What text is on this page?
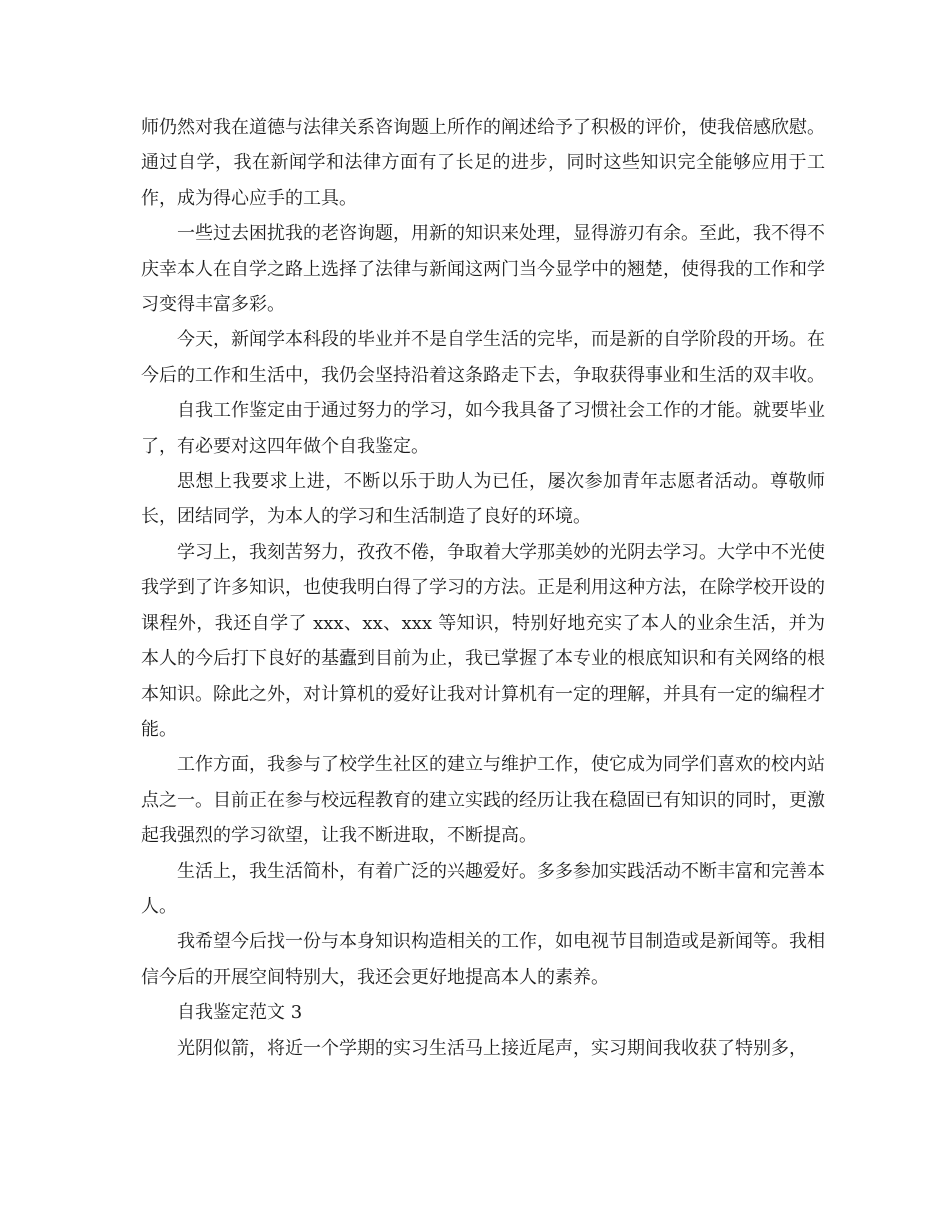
师仍然对我在道德与法律关系咨询题上所作的阐述给予了积极的评价，使我倍感欣慰。通过自学，我在新闻学和法律方面有了长足的进步，同时这些知识完全能够应用于工作，成为得心应手的工具。

一些过去困扰我的老咨询题，用新的知识来处理，显得游刃有余。至此，我不得不庆幸本人在自学之路上选择了法律与新闻这两门当今显学中的翘楚，使得我的工作和学习变得丰富多彩。

今天，新闻学本科段的毕业并不是自学生活的完毕，而是新的自学阶段的开场。在今后的工作和生活中，我仍会坚持沿着这条路走下去，争取获得事业和生活的双丰收。

自我工作鉴定由于通过努力的学习，如今我具备了习惯社会工作的才能。就要毕业了，有必要对这四年做个自我鉴定。

思想上我要求上进，不断以乐于助人为已任，屡次参加青年志愿者活动。尊敬师长，团结同学，为本人的学习和生活制造了良好的环境。

学习上，我刻苦努力，孜孜不倦，争取着大学那美妙的光阴去学习。大学中不光使我学到了许多知识，也使我明白得了学习的方法。正是利用这种方法，在除学校开设的课程外，我还自学了 xxx、xx、xxx 等知识，特别好地充实了本人的业余生活，并为本人的今后打下良好的基蠹到目前为止，我已掌握了本专业的根底知识和有关网络的根本知识。除此之外，对计算机的爱好让我对计算机有一定的理解，并具有一定的编程才能。

工作方面，我参与了校学生社区的建立与维护工作，使它成为同学们喜欢的校内站点之一。目前正在参与校远程教育的建立实践的经历让我在稳固已有知识的同时，更激起我强烈的学习欲望，让我不断进取，不断提高。

生活上，我生活简朴，有着广泛的兴趣爱好。多多参加实践活动不断丰富和完善本人。

我希望今后找一份与本身知识构造相关的工作，如电视节目制造或是新闻等。我相信今后的开展空间特别大，我还会更好地提高本人的素养。

自我鉴定范文 3

光阴似箭，将近一个学期的实习生活马上接近尾声，实习期间我收获了特别多，
